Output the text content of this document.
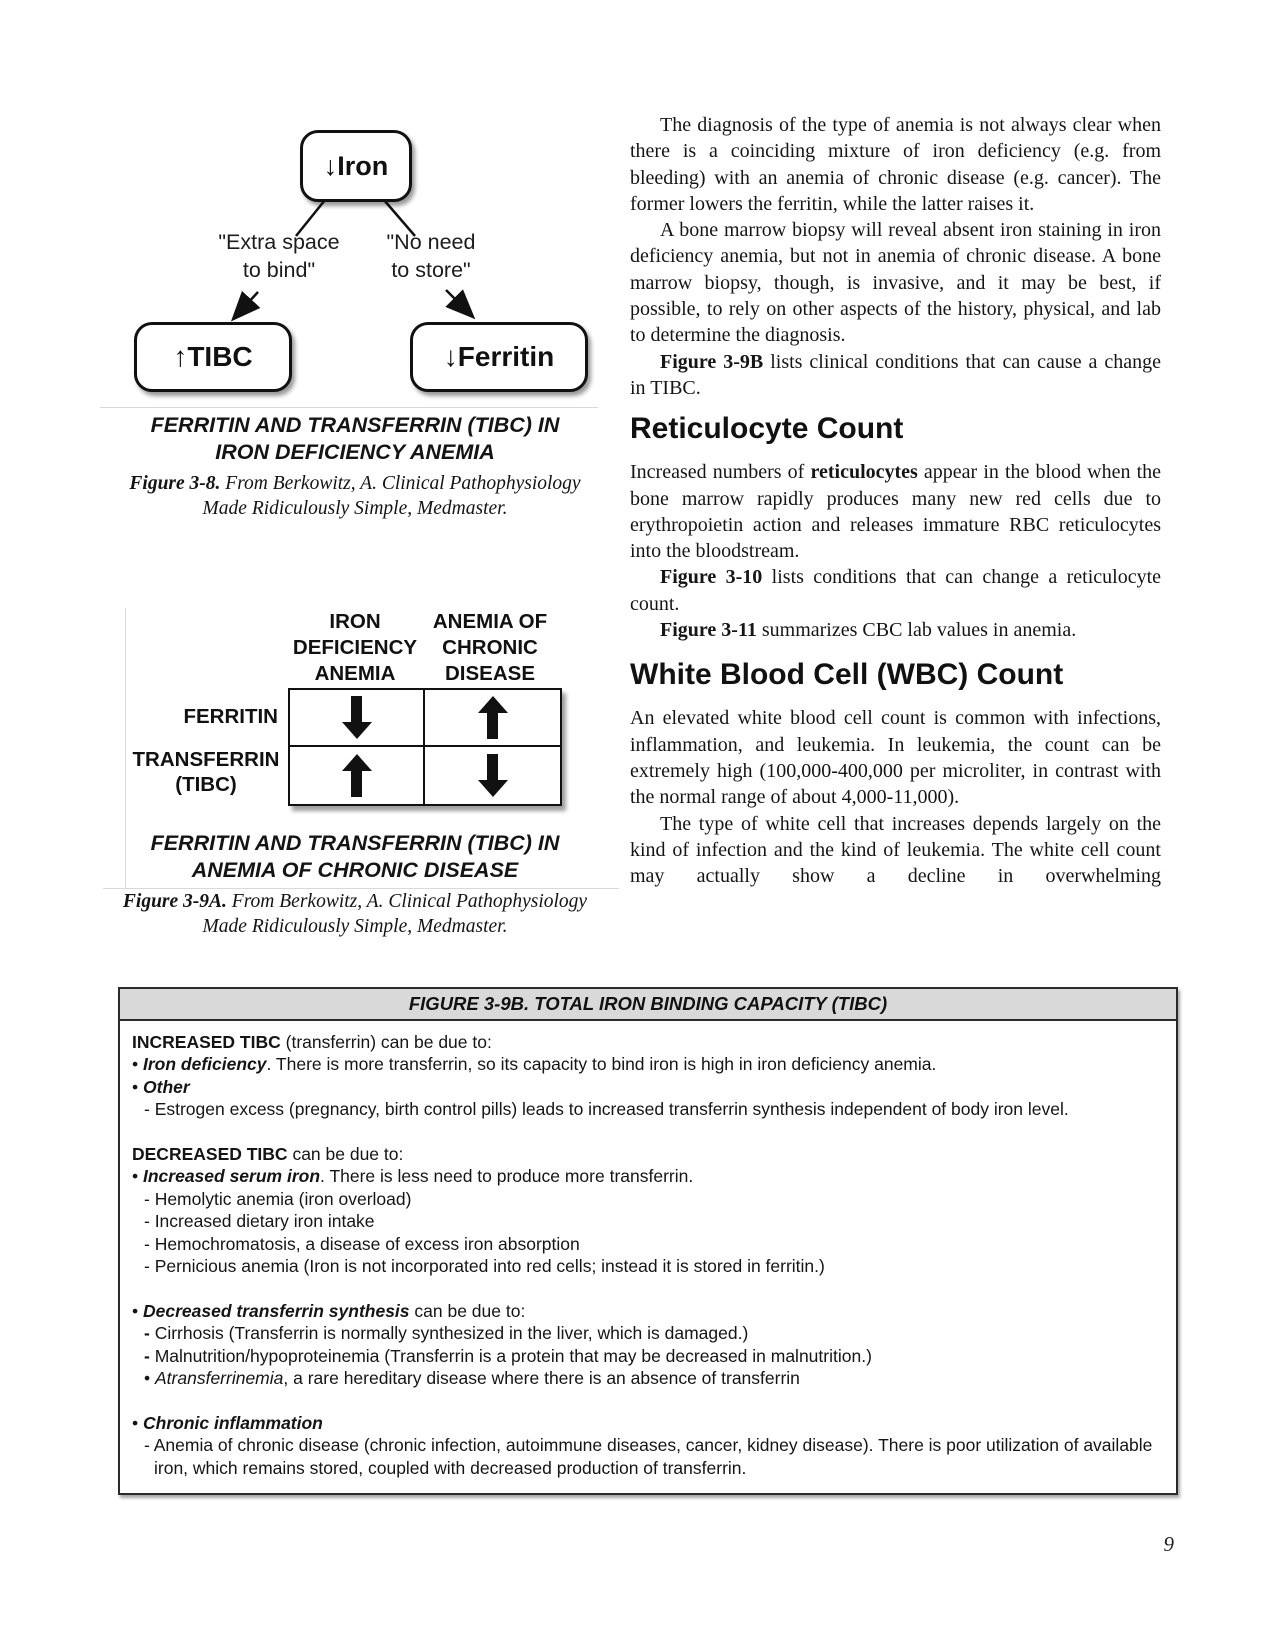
↓Iron
"Extra space
to bind"
"No need
to store"
↑TIBC	↓Ferritin
FERRITIN AND TRANSFERRIN (TIBC) IN
IRON DEFICIENCY ANEMIA
Figure 3-8. From Berkowitz, A. Clinical Pathophysiology Made Ridiculously Simple, Medmaster.
IRON
DEFICIENCY
ANEMIA
ANEMIA OF
CHRONIC
DISEASE
FERRITIN
TRANSFERRIN
(TIBC)
FERRITIN AND TRANSFERRIN (TIBC) IN
ANEMIA OF CHRONIC DISEASE
Figure 3-9A. From Berkowitz, A. Clinical Pathophysiology Made Ridiculously Simple, Medmaster.
The diagnosis of the type of anemia is not always clear when there is a coinciding mixture of iron deficiency (e.g. from bleeding) with an anemia of chronic disease (e.g. cancer). The former lowers the ferritin, while the latter raises it.
A bone marrow biopsy will reveal absent iron staining in iron deficiency anemia, but not in anemia of chronic disease. A bone marrow biopsy, though, is invasive, and it may be best, if possible, to rely on other aspects of the history, physical, and lab to determine the diagnosis.
Figure 3-9B lists clinical conditions that can cause a change in TIBC.
Reticulocyte Count
Increased numbers of reticulocytes appear in the blood when the bone marrow rapidly produces many new red cells due to erythropoietin action and releases immature RBC reticulocytes into the bloodstream.
Figure 3-10 lists conditions that can change a reticulocyte count.
Figure 3-11 summarizes CBC lab values in anemia.
White Blood Cell (WBC) Count
An elevated white blood cell count is common with infections, inflammation, and leukemia. In leukemia, the count can be extremely high (100,000-400,000 per microliter, in contrast with the normal range of about 4,000-11,000).
The type of white cell that increases depends largely on the kind of infection and the kind of leukemia. The white cell count may actually show a decline in overwhelming
FIGURE 3-9B. TOTAL IRON BINDING CAPACITY (TIBC)
INCREASED TIBC (transferrin) can be due to:
• Iron deficiency. There is more transferrin, so its capacity to bind iron is high in iron deficiency anemia.
• Other
- Estrogen excess (pregnancy, birth control pills) leads to increased transferrin synthesis independent of body iron level.
DECREASED TIBC can be due to:
• Increased serum iron. There is less need to produce more transferrin.
- Hemolytic anemia (iron overload)
- Increased dietary iron intake
- Hemochromatosis, a disease of excess iron absorption
- Pernicious anemia (Iron is not incorporated into red cells; instead it is stored in ferritin.)
• Decreased transferrin synthesis can be due to:
- Cirrhosis (Transferrin is normally synthesized in the liver, which is damaged.)
- Malnutrition/hypoproteinemia (Transferrin is a protein that may be decreased in malnutrition.)
• Atransferrinemia, a rare hereditary disease where there is an absence of transferrin
• Chronic inflammation
- Anemia of chronic disease (chronic infection, autoimmune diseases, cancer, kidney disease). There is poor utilization of available iron, which remains stored, coupled with decreased production of transferrin.
9
